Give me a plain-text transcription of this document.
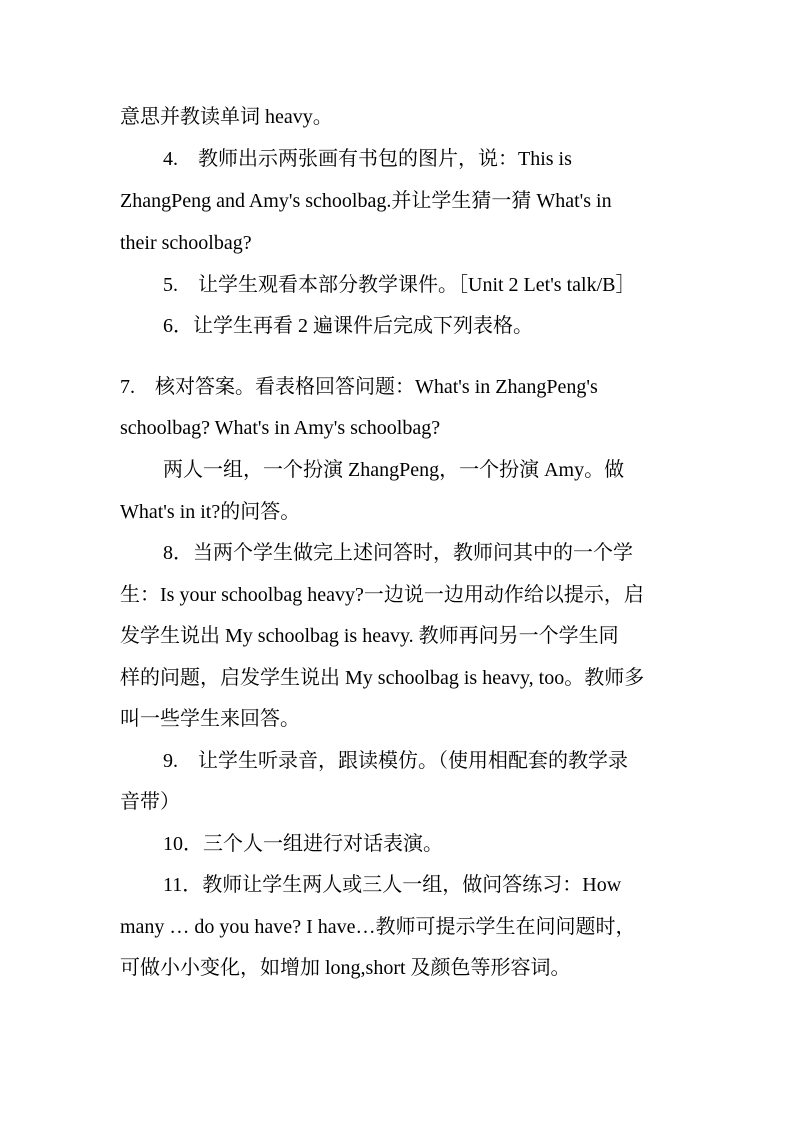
意思并教读单词 heavy。
4.　教师出示两张画有书包的图片，说：This is
ZhangPeng and Amy's schoolbag.并让学生猜一猜 What's in
their schoolbag?
5.　让学生观看本部分教学课件。［Unit 2 Let's talk/B］
6．让学生再看 2 遍课件后完成下列表格。
7.　核对答案。看表格回答问题：What's in ZhangPeng's
schoolbag? What's in Amy's schoolbag?
两人一组，一个扮演 ZhangPeng，一个扮演 Amy。做
What's in it?的问答。
8．当两个学生做完上述问答时，教师问其中的一个学
生：Is your schoolbag heavy?一边说一边用动作给以提示，启
发学生说出 My schoolbag is heavy. 教师再问另一个学生同
样的问题，启发学生说出 My schoolbag is heavy, too。教师多
叫一些学生来回答。
9.　让学生听录音，跟读模仿。（使用相配套的教学录
音带）
10．三个人一组进行对话表演。
11．教师让学生两人或三人一组，做问答练习：How
many … do you have? I have…教师可提示学生在问问题时，
可做小小变化，如增加 long,short 及颜色等形容词。
